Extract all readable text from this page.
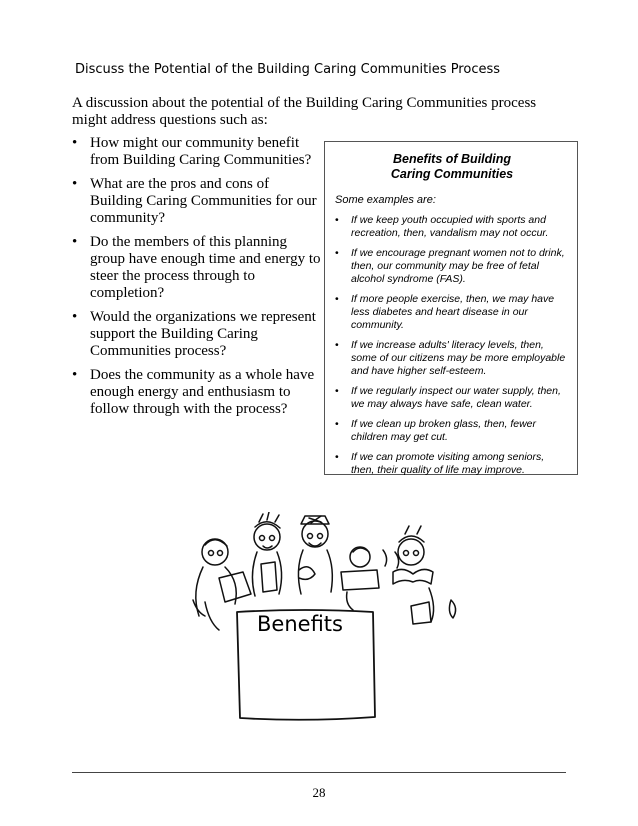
Discuss the Potential of the Building Caring Communities Process
A discussion about the potential of the Building Caring Communities process might address questions such as:
• How might our community benefit from Building Caring Communities?
• What are the pros and cons of Building Caring Communities for our community?
• Do the members of this planning group have enough time and energy to steer the process through to completion?
• Would the organizations we represent support the Building Caring Communities process?
• Does the community as a whole have enough energy and enthusiasm to follow through with the process?
Benefits of Building
Caring Communities
Some examples are:
• If we keep youth occupied with sports and recreation, then, vandalism may not occur.
• If we encourage pregnant women not to drink, then, our community may be free of fetal alcohol syndrome (FAS).
• If more people exercise, then, we may have less diabetes and heart disease in our community.
• If we increase adults' literacy levels, then, some of our citizens may be more employable and have higher self-esteem.
• If we regularly inspect our water supply, then, we may always have safe, clean water.
• If we clean up broken glass, then, fewer children may get cut.
• If we can promote visiting among seniors, then, their quality of life may improve.
Benefits
28
